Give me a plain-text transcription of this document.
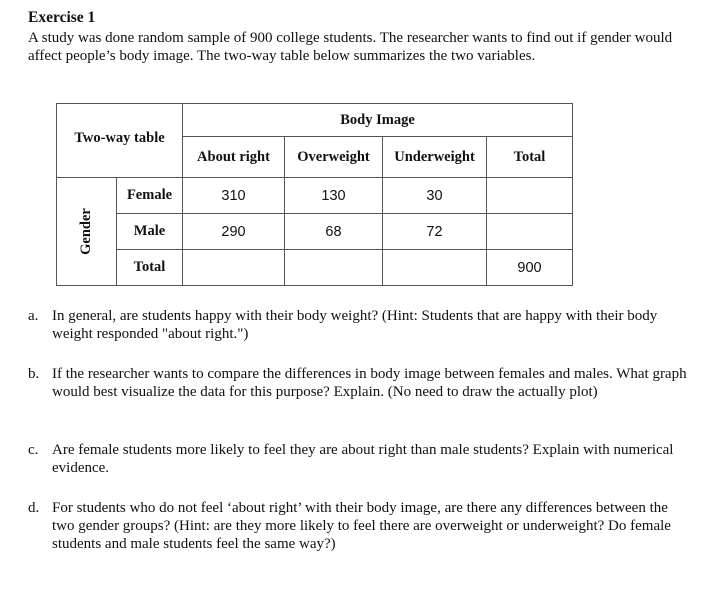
Exercise 1
A study was done random sample of 900 college students. The researcher wants to find out if gender would affect people’s body image. The two-way table below summarizes the two variables.
Two-way table		Body Image			
		About right	Overweight	Underweight	Total
Gender	Female	310	130	30	
	Male	290	68	72	
	Total				900
a. In general, are students happy with their body weight? (Hint: Students that are happy with their body weight responded "about right.")
b. If the researcher wants to compare the differences in body image between females and males. What graph would best visualize the data for this purpose? Explain. (No need to draw the actually plot)
c. Are female students more likely to feel they are about right than male students? Explain with numerical evidence.
d. For students who do not feel ‘about right’ with their body image, are there any differences between the two gender groups? (Hint: are they more likely to feel there are overweight or underweight? Do female students and male students feel the same way?)
